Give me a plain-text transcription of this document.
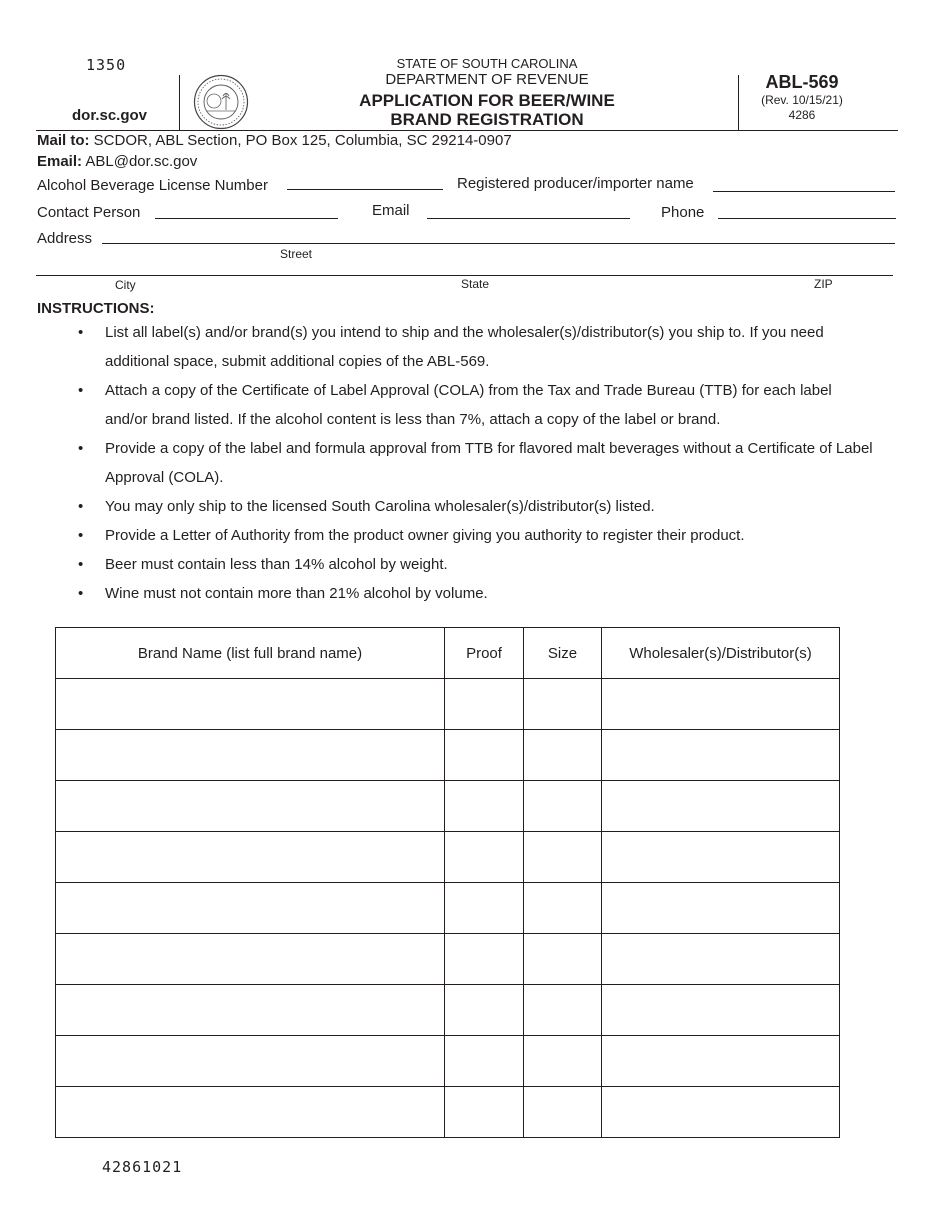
1350
dor.sc.gov
STATE OF SOUTH CAROLINA
DEPARTMENT OF REVENUE
APPLICATION FOR BEER/WINE
BRAND REGISTRATION
ABL-569
(Rev. 10/15/21)
4286
Mail to: SCDOR, ABL Section, PO Box 125, Columbia, SC 29214-0907
Email: ABL@dor.sc.gov
Alcohol Beverage License Number	Registered producer/importer name
Contact Person	Email	Phone
Address
Street
City	State	ZIP
INSTRUCTIONS:
• List all label(s) and/or brand(s) you intend to ship and the wholesaler(s)/distributor(s) you ship to. If you need additional space, submit additional copies of the ABL-569.
• Attach a copy of the Certificate of Label Approval (COLA) from the Tax and Trade Bureau (TTB) for each label and/or brand listed. If the alcohol content is less than 7%, attach a copy of the label or brand.
• Provide a copy of the label and formula approval from TTB for flavored malt beverages without a Certificate of Label Approval (COLA).
• You may only ship to the licensed South Carolina wholesaler(s)/distributor(s) listed.
• Provide a Letter of Authority from the product owner giving you authority to register their product.
• Beer must contain less than 14% alcohol by weight.
• Wine must not contain more than 21% alcohol by volume.
Brand Name (list full brand name)	Proof	Size	Wholesaler(s)/Distributor(s)

42861021
